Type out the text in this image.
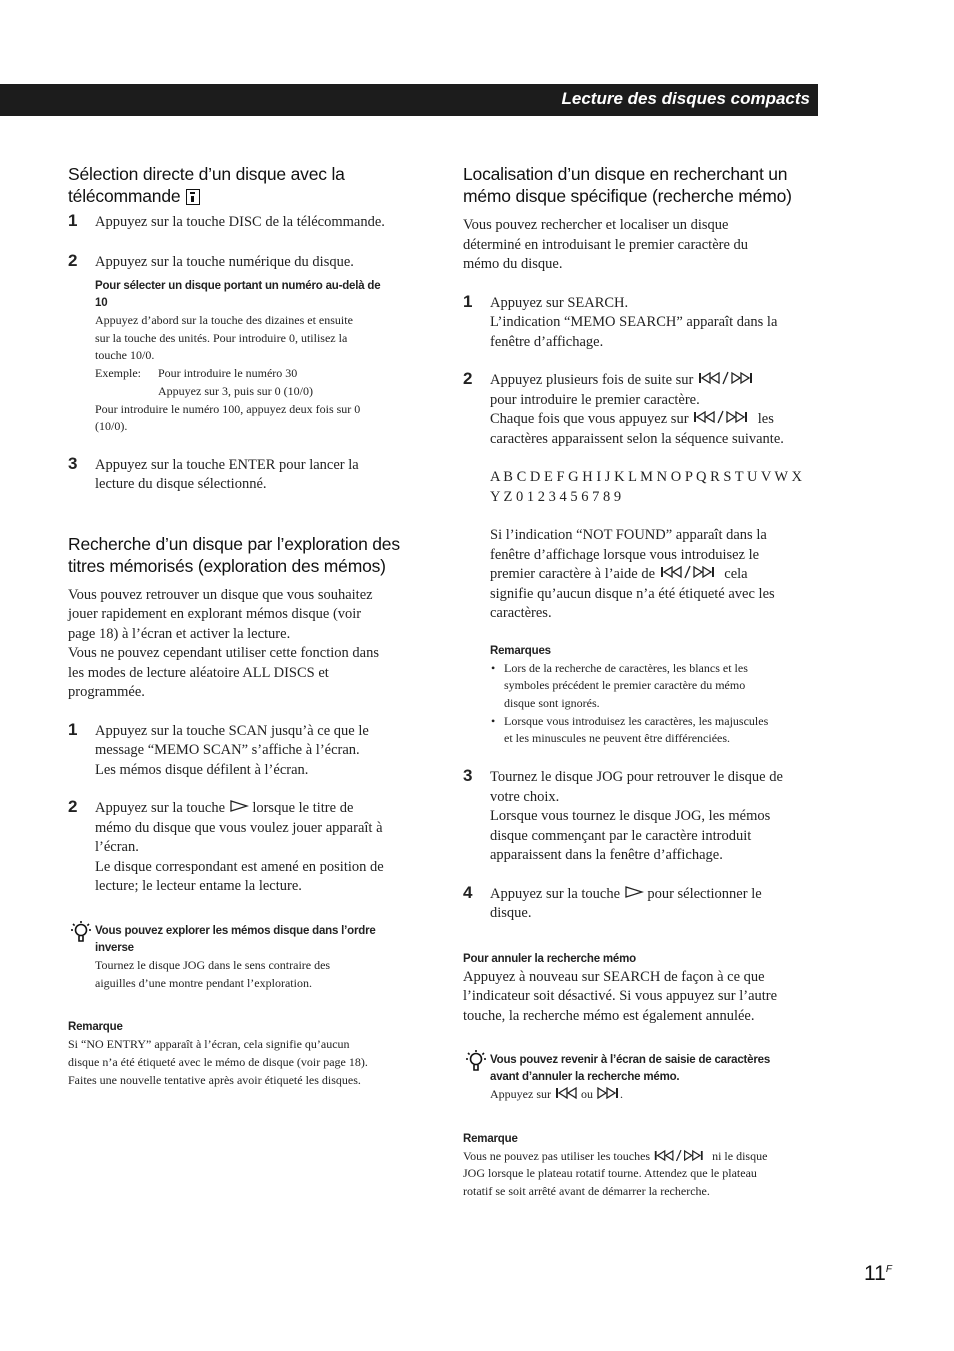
Lecture des disques compacts
Sélection directe d’un disque avec la
télécommande
1 Appuyez sur la touche DISC de la télécommande.
2 Appuyez sur la touche numérique du disque.
Pour sélecter un disque portant un numéro au-delà de
10
Appuyez d’abord sur la touche des dizaines et ensuite
sur la touche des unités. Pour introduire 0, utilisez la
touche 10/0.
Exemple: Pour introduire le numéro 30
Appuyez sur 3, puis sur 0 (10/0)
Pour introduire le numéro 100, appuyez deux fois sur 0
(10/0).
3 Appuyez sur la touche ENTER pour lancer la
lecture du disque sélectionné.
Recherche d’un disque par l’exploration des
titres mémorisés (exploration des mémos)
Vous pouvez retrouver un disque que vous souhaitez
jouer rapidement en explorant mémos disque (voir
page 18) à l’écran et activer la lecture.
Vous ne pouvez cependant utiliser cette fonction dans
les modes de lecture aléatoire ALL DISCS et
programmée.
1 Appuyez sur la touche SCAN jusqu’à ce que le
message “MEMO SCAN” s’affiche à l’écran.
Les mémos disque défilent à l’écran.
2 Appuyez sur la touche lorsque le titre de
mémo du disque que vous voulez jouer apparaît à
l’écran.
Le disque correspondant est amené en position de
lecture; le lecteur entame la lecture.
Vous pouvez explorer les mémos disque dans l’ordre
inverse
Tournez le disque JOG dans le sens contraire des
aiguilles d’une montre pendant l’exploration.
Remarque
Si “NO ENTRY” apparaît à l’écran, cela signifie qu’aucun
disque n’a été étiqueté avec le mémo de disque (voir page 18).
Faites une nouvelle tentative après avoir étiqueté les disques.
Localisation d’un disque en recherchant un
mémo disque spécifique (recherche mémo)
Vous pouvez rechercher et localiser un disque
déterminé en introduisant le premier caractère du
mémo du disque.
1 Appuyez sur SEARCH.
L’indication “MEMO SEARCH” apparaît dans la
fenêtre d’affichage.
2 Appuyez plusieurs fois de suite sur
pour introduire le premier caractère.
Chaque fois que vous appuyez sur	les
caractères apparaissent selon la séquence suivante.
A B C D E F G H I J K L M N O P Q R S T U V W X
Y Z 0 1 2 3 4 5 6 7 8 9
Si l’indication “NOT FOUND” apparaît dans la
fenêtre d’affichage lorsque vous introduisez le
premier caractère à l’aide de	cela
signifie qu’aucun disque n’a été étiqueté avec les
caractères.
Remarques
• Lors de la recherche de caractères, les blancs et les
symboles précédent le premier caractère du mémo
disque sont ignorés.
• Lorsque vous introduisez les caractères, les majuscules
et les minuscules ne peuvent être différenciées.
3 Tournez le disque JOG pour retrouver le disque de
votre choix.
Lorsque vous tournez le disque JOG, les mémos
disque commençant par le caractère introduit
apparaissent dans la fenêtre d’affichage.
4 Appuyez sur la touche pour sélectionner le
disque.
Pour annuler la recherche mémo
Appuyez à nouveau sur SEARCH de façon à ce que
l’indicateur soit désactivé. Si vous appuyez sur l’autre
touche, la recherche mémo est également annulée.
Vous pouvez revenir à l’écran de saisie de caractères
avant d’annuler la recherche mémo.
Appuyez sur	ou .
Remarque
Vous ne pouvez pas utiliser les touches	ni le disque
JOG lorsque le plateau rotatif tourne. Attendez que le plateau
rotatif se soit arrêté avant de démarrer la recherche.
$11^F$
